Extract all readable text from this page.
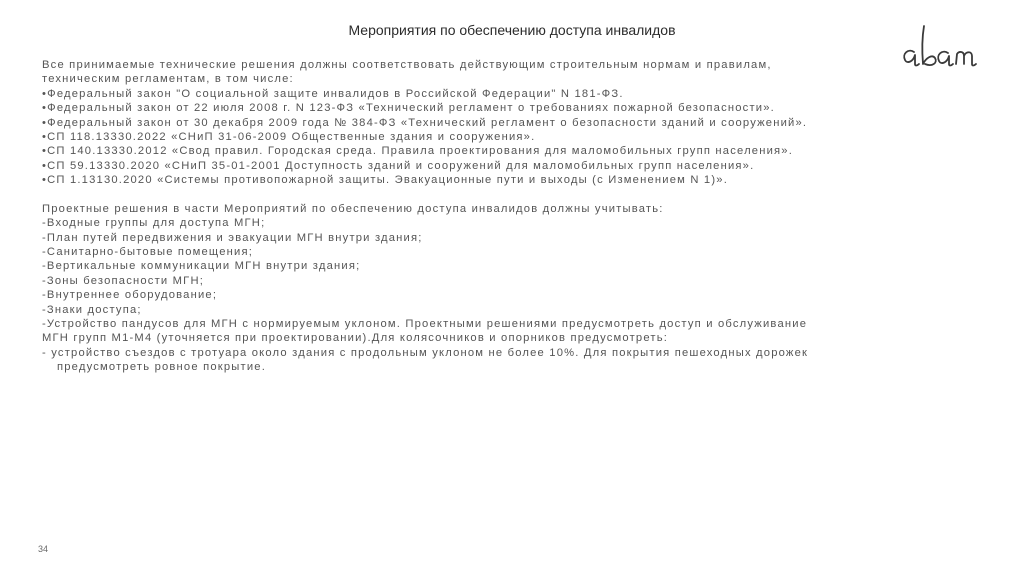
Мероприятия по обеспечению доступа инвалидов
Все принимаемые технические решения должны соответствовать действующим строительным нормам и правилам,
техническим регламентам, в том числе:
•Федеральный закон "О социальной защите инвалидов в Российской Федерации" N 181-ФЗ.
•Федеральный закон от 22 июля 2008 г. N 123-ФЗ «Технический регламент о требованиях пожарной безопасности».
•Федеральный закон от 30 декабря 2009 года № 384-ФЗ «Технический регламент о безопасности зданий и сооружений».
•СП 118.13330.2022 «СНиП 31-06-2009 Общественные здания и сооружения».
•СП 140.13330.2012 «Свод правил. Городская среда. Правила проектирования для маломобильных групп населения».
•СП 59.13330.2020 «СНиП 35-01-2001 Доступность зданий и сооружений для маломобильных групп населения».
•СП 1.13130.2020 «Системы противопожарной защиты. Эвакуационные пути и выходы (с Изменением N 1)».
Проектные решения в части Мероприятий по обеспечению доступа инвалидов должны учитывать:
-Входные группы для доступа МГН;
-План путей передвижения и эвакуации МГН внутри здания;
-Санитарно-бытовые помещения;
-Вертикальные коммуникации МГН внутри здания;
-Зоны безопасности МГН;
-Внутреннее оборудование;
-Знаки доступа;
-Устройство пандусов для МГН с нормируемым уклоном. Проектными решениями предусмотреть доступ и обслуживание
МГН групп М1-М4 (уточняется при проектировании).Для колясочников и опорников предусмотреть:
- устройство съездов с тротуара около здания с продольным уклоном не более 10%. Для покрытия пешеходных дорожек
предусмотреть ровное покрытие.
34
